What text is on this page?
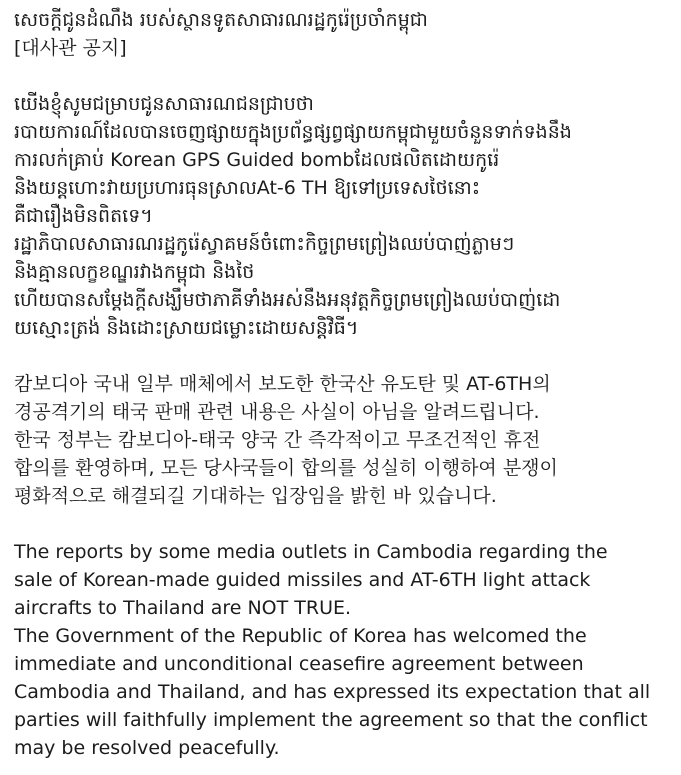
សេចក្ដីជូនដំណឹង របស់ស្ថានទូតសាធារណរដ្ឋកូរ៉េប្រចាំកម្ពុជា
[대사관 공지]
យើងខ្ញុំសូមជម្រាបជូនសាធារណជនជ្រាបថា
របាយការណ៍ដែលបានចេញផ្សាយក្នុងប្រព័ន្ធផ្សព្វផ្សាយកម្ពុជាមួយចំនួនទាក់ទងនឹង
ការលក់គ្រាប់ Korean GPS Guided bombដែលផលិតដោយកូរ៉េ
និងយន្តហោះវាយប្រហារធុនស្រាលAt-6 TH ឱ្យទៅប្រទេសថៃនោះ
គឺជារឿងមិនពិតទេ។
រដ្ឋាភិបាលសាធារណរដ្ឋកូរ៉េស្វាគមន៍ចំពោះកិច្ចព្រមព្រៀងឈប់បាញ់ភ្លាមៗ
និងគ្មានលក្ខខណ្ឌរវាងកម្ពុជា និងថៃ
ហើយបានសម្ដែងក្ដីសង្ឃឹមថាភាគីទាំងអស់នឹងអនុវត្តកិច្ចព្រមព្រៀងឈប់បាញ់ដោ
យស្មោះត្រង់ និងដោះស្រាយជម្លោះដោយសន្តិវិធី។
캄보디아 국내 일부 매체에서 보도한 한국산 유도탄 및 AT-6TH의
경공격기의 태국 판매 관련 내용은 사실이 아님을 알려드립니다.
한국 정부는 캄보디아-태국 양국 간 즉각적이고 무조건적인 휴전
합의를 환영하며, 모든 당사국들이 합의를 성실히 이행하여 분쟁이
평화적으로 해결되길 기대하는 입장임을 밝힌 바 있습니다.
The reports by some media outlets in Cambodia regarding the
sale of Korean-made guided missiles and AT-6TH light attack
aircrafts to Thailand are NOT TRUE.
The Government of the Republic of Korea has welcomed the
immediate and unconditional ceasefire agreement between
Cambodia and Thailand, and has expressed its expectation that all
parties will faithfully implement the agreement so that the conflict
may be resolved peacefully.
